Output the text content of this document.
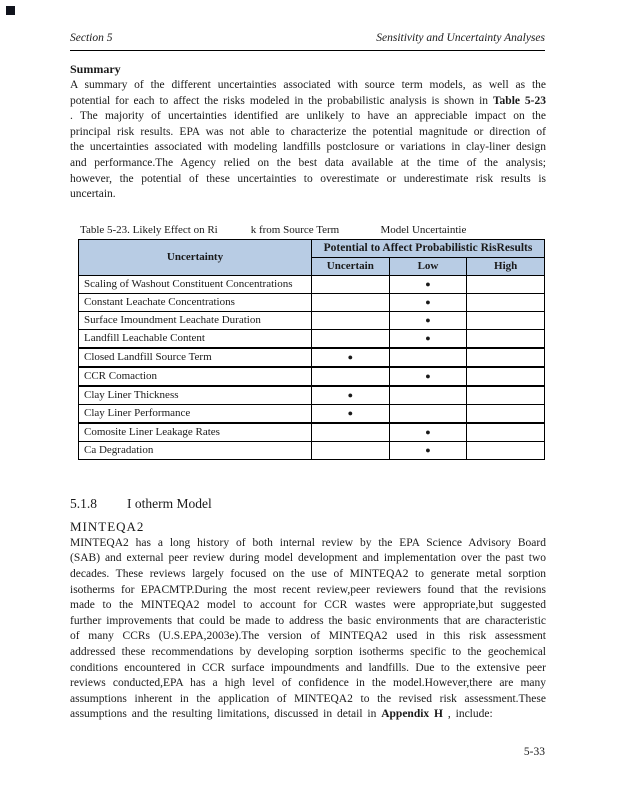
Section 5	Sensitivity and Uncertainty Analyses
Summary

A summary of the different uncertainties associated with source term models, as well as the potential for each to affect the risks modeled in the probabilistic analysis is shown in Table 5-23 . The majority of uncertainties identified are unlikely to have an appreciable impact on the principal risk results. EPA was not able to characterize the potential magnitude or direction of the uncertainties associated with modeling landfills postclosure or variations in clay-liner design and performance.The Agency relied on the best data available at the time of the analysis; however, the potential of these uncertainties to overestimate or underestimate risk results is uncertain.

Table 5-23. Likely Effect on Ri            k from Source Term               Model Uncertaintie
Uncertainty	Potential to Affect Probabilistic RisResults		
	Uncertain	Low	High
Scaling of Washout Constituent Concentrations		●	
Constant Leachate Concentrations		●	
Surface Imoundment Leachate Duration		●	
Landfill Leachable Content		●	
Closed Landfill Source Term	●		
CCR Comaction		●	
Clay Liner Thickness	●		
Clay Liner Performance	●		
Comosite Liner Leakage Rates		●	
Ca Degradation		●	
5.1.8 I otherm Model
MINTEQA2

MINTEQA2 has a long history of both internal review by the EPA Science Advisory Board (SAB) and external peer review during model development and implementation over the past two decades. These reviews largely focused on the use of MINTEQA2 to generate metal sorption isotherms for EPACMTP.During the most recent review,peer reviewers found that the revisions made to the MINTEQA2 model to account for CCR wastes were appropriate,but suggested further improvements that could be made to address the basic environments that are characteristic of many CCRs (U.S.EPA,2003e).The version of MINTEQA2 used in this risk assessment addressed these recommendations by developing sorption isotherms specific to the geochemical conditions encountered in CCR surface impoundments and landfills. Due to the extensive peer reviews conducted,EPA has a high level of confidence in the model.However,there are many assumptions inherent in the application of MINTEQA2 to the revised risk assessment.These assumptions and the resulting limitations, discussed in detail in Appendix H , include:

5-33
